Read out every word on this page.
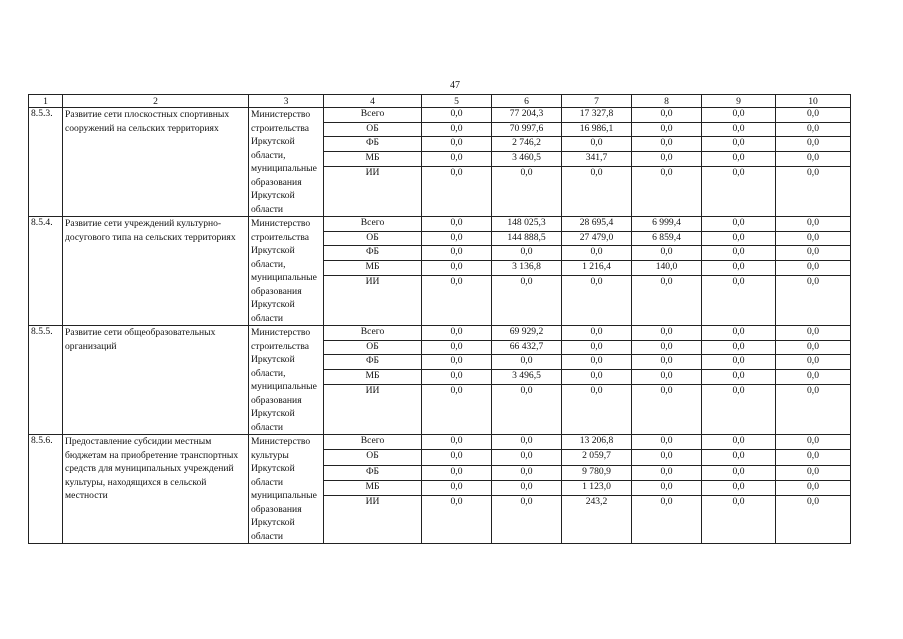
47
1	2	3	4	5	6	7	8	9	10
8.5.3.	Развитие сети плоскостных спортивных сооружений на сельских территориях	Министерство строительства Иркутской области, муниципальные образования Иркутской области	Всего	0,0	77 204,3	17 327,8	0,0	0,0	0,0
			ОБ	0,0	70 997,6	16 986,1	0,0	0,0	0,0
			ФБ	0,0	2 746,2	0,0	0,0	0,0	0,0
			МБ	0,0	3 460,5	341,7	0,0	0,0	0,0
			ИИ	0,0	0,0	0,0	0,0	0,0	0,0
8.5.4.	Развитие сети учреждений культурно-досугового типа на сельских территориях	Министерство строительства Иркутской области, муниципальные образования Иркутской области	Всего	0,0	148 025,3	28 695,4	6 999,4	0,0	0,0
			ОБ	0,0	144 888,5	27 479,0	6 859,4	0,0	0,0
			ФБ	0,0	0,0	0,0	0,0	0,0	0,0
			МБ	0,0	3 136,8	1 216,4	140,0	0,0	0,0
			ИИ	0,0	0,0	0,0	0,0	0,0	0,0
8.5.5.	Развитие сети общеобразовательных организаций	Министерство строительства Иркутской области, муниципальные образования Иркутской области	Всего	0,0	69 929,2	0,0	0,0	0,0	0,0
			ОБ	0,0	66 432,7	0,0	0,0	0,0	0,0
			ФБ	0,0	0,0	0,0	0,0	0,0	0,0
			МБ	0,0	3 496,5	0,0	0,0	0,0	0,0
			ИИ	0,0	0,0	0,0	0,0	0,0	0,0
8.5.6.	Предоставление субсидии местным бюджетам на приобретение транспортных средств для муниципальных учреждений культуры, находящихся в сельской местности	Министерство культуры Иркутской области муниципальные образования Иркутской области	Всего	0,0	0,0	13 206,8	0,0	0,0	0,0
			ОБ	0,0	0,0	2 059,7	0,0	0,0	0,0
			ФБ	0,0	0,0	9 780,9	0,0	0,0	0,0
			МБ	0,0	0,0	1 123,0	0,0	0,0	0,0
			ИИ	0,0	0,0	243,2	0,0	0,0	0,0
